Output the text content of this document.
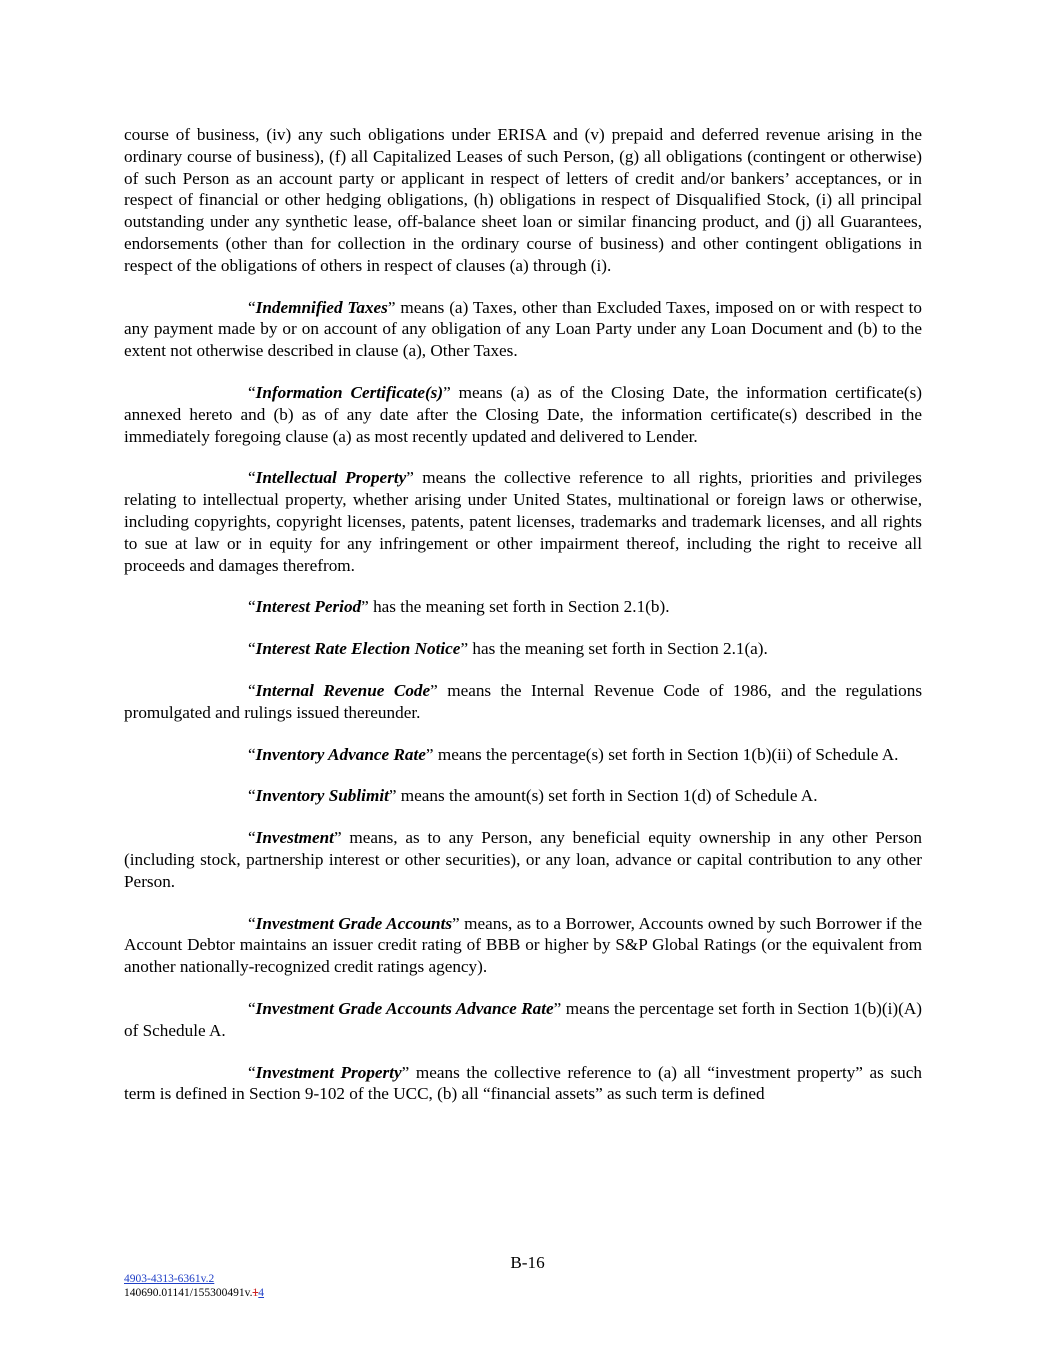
course of business, (iv) any such obligations under ERISA and (v) prepaid and deferred revenue arising in the ordinary course of business), (f) all Capitalized Leases of such Person, (g) all obligations (contingent or otherwise) of such Person as an account party or applicant in respect of letters of credit and/or bankers’ acceptances, or in respect of financial or other hedging obligations, (h) obligations in respect of Disqualified Stock, (i) all principal outstanding under any synthetic lease, off-balance sheet loan or similar financing product, and (j) all Guarantees, endorsements (other than for collection in the ordinary course of business) and other contingent obligations in respect of the obligations of others in respect of clauses (a) through (i).

“Indemnified Taxes” means (a) Taxes, other than Excluded Taxes, imposed on or with respect to any payment made by or on account of any obligation of any Loan Party under any Loan Document and (b) to the extent not otherwise described in clause (a), Other Taxes.

“Information Certificate(s)” means (a) as of the Closing Date, the information certificate(s) annexed hereto and (b) as of any date after the Closing Date, the information certificate(s) described in the immediately foregoing clause (a) as most recently updated and delivered to Lender.

“Intellectual Property” means the collective reference to all rights, priorities and privileges relating to intellectual property, whether arising under United States, multinational or foreign laws or otherwise, including copyrights, copyright licenses, patents, patent licenses, trademarks and trademark licenses, and all rights to sue at law or in equity for any infringement or other impairment thereof, including the right to receive all proceeds and damages therefrom.

“Interest Period” has the meaning set forth in Section 2.1(b).

“Interest Rate Election Notice” has the meaning set forth in Section 2.1(a).

“Internal Revenue Code” means the Internal Revenue Code of 1986, and the regulations promulgated and rulings issued thereunder.

“Inventory Advance Rate” means the percentage(s) set forth in Section 1(b)(ii) of Schedule A.

“Inventory Sublimit” means the amount(s) set forth in Section 1(d) of Schedule A.

“Investment” means, as to any Person, any beneficial equity ownership in any other Person (including stock, partnership interest or other securities), or any loan, advance or capital contribution to any other Person.

“Investment Grade Accounts” means, as to a Borrower, Accounts owned by such Borrower if the Account Debtor maintains an issuer credit rating of BBB or higher by S&P Global Ratings (or the equivalent from another nationally-recognized credit ratings agency).

“Investment Grade Accounts Advance Rate” means the percentage set forth in Section 1(b)(i)(A) of Schedule A.

“Investment Property” means the collective reference to (a) all “investment property” as such term is defined in Section 9-102 of the UCC, (b) all “financial assets” as such term is defined

B-16
4903-4313-6361v.2
140690.01141/155300491v.14
